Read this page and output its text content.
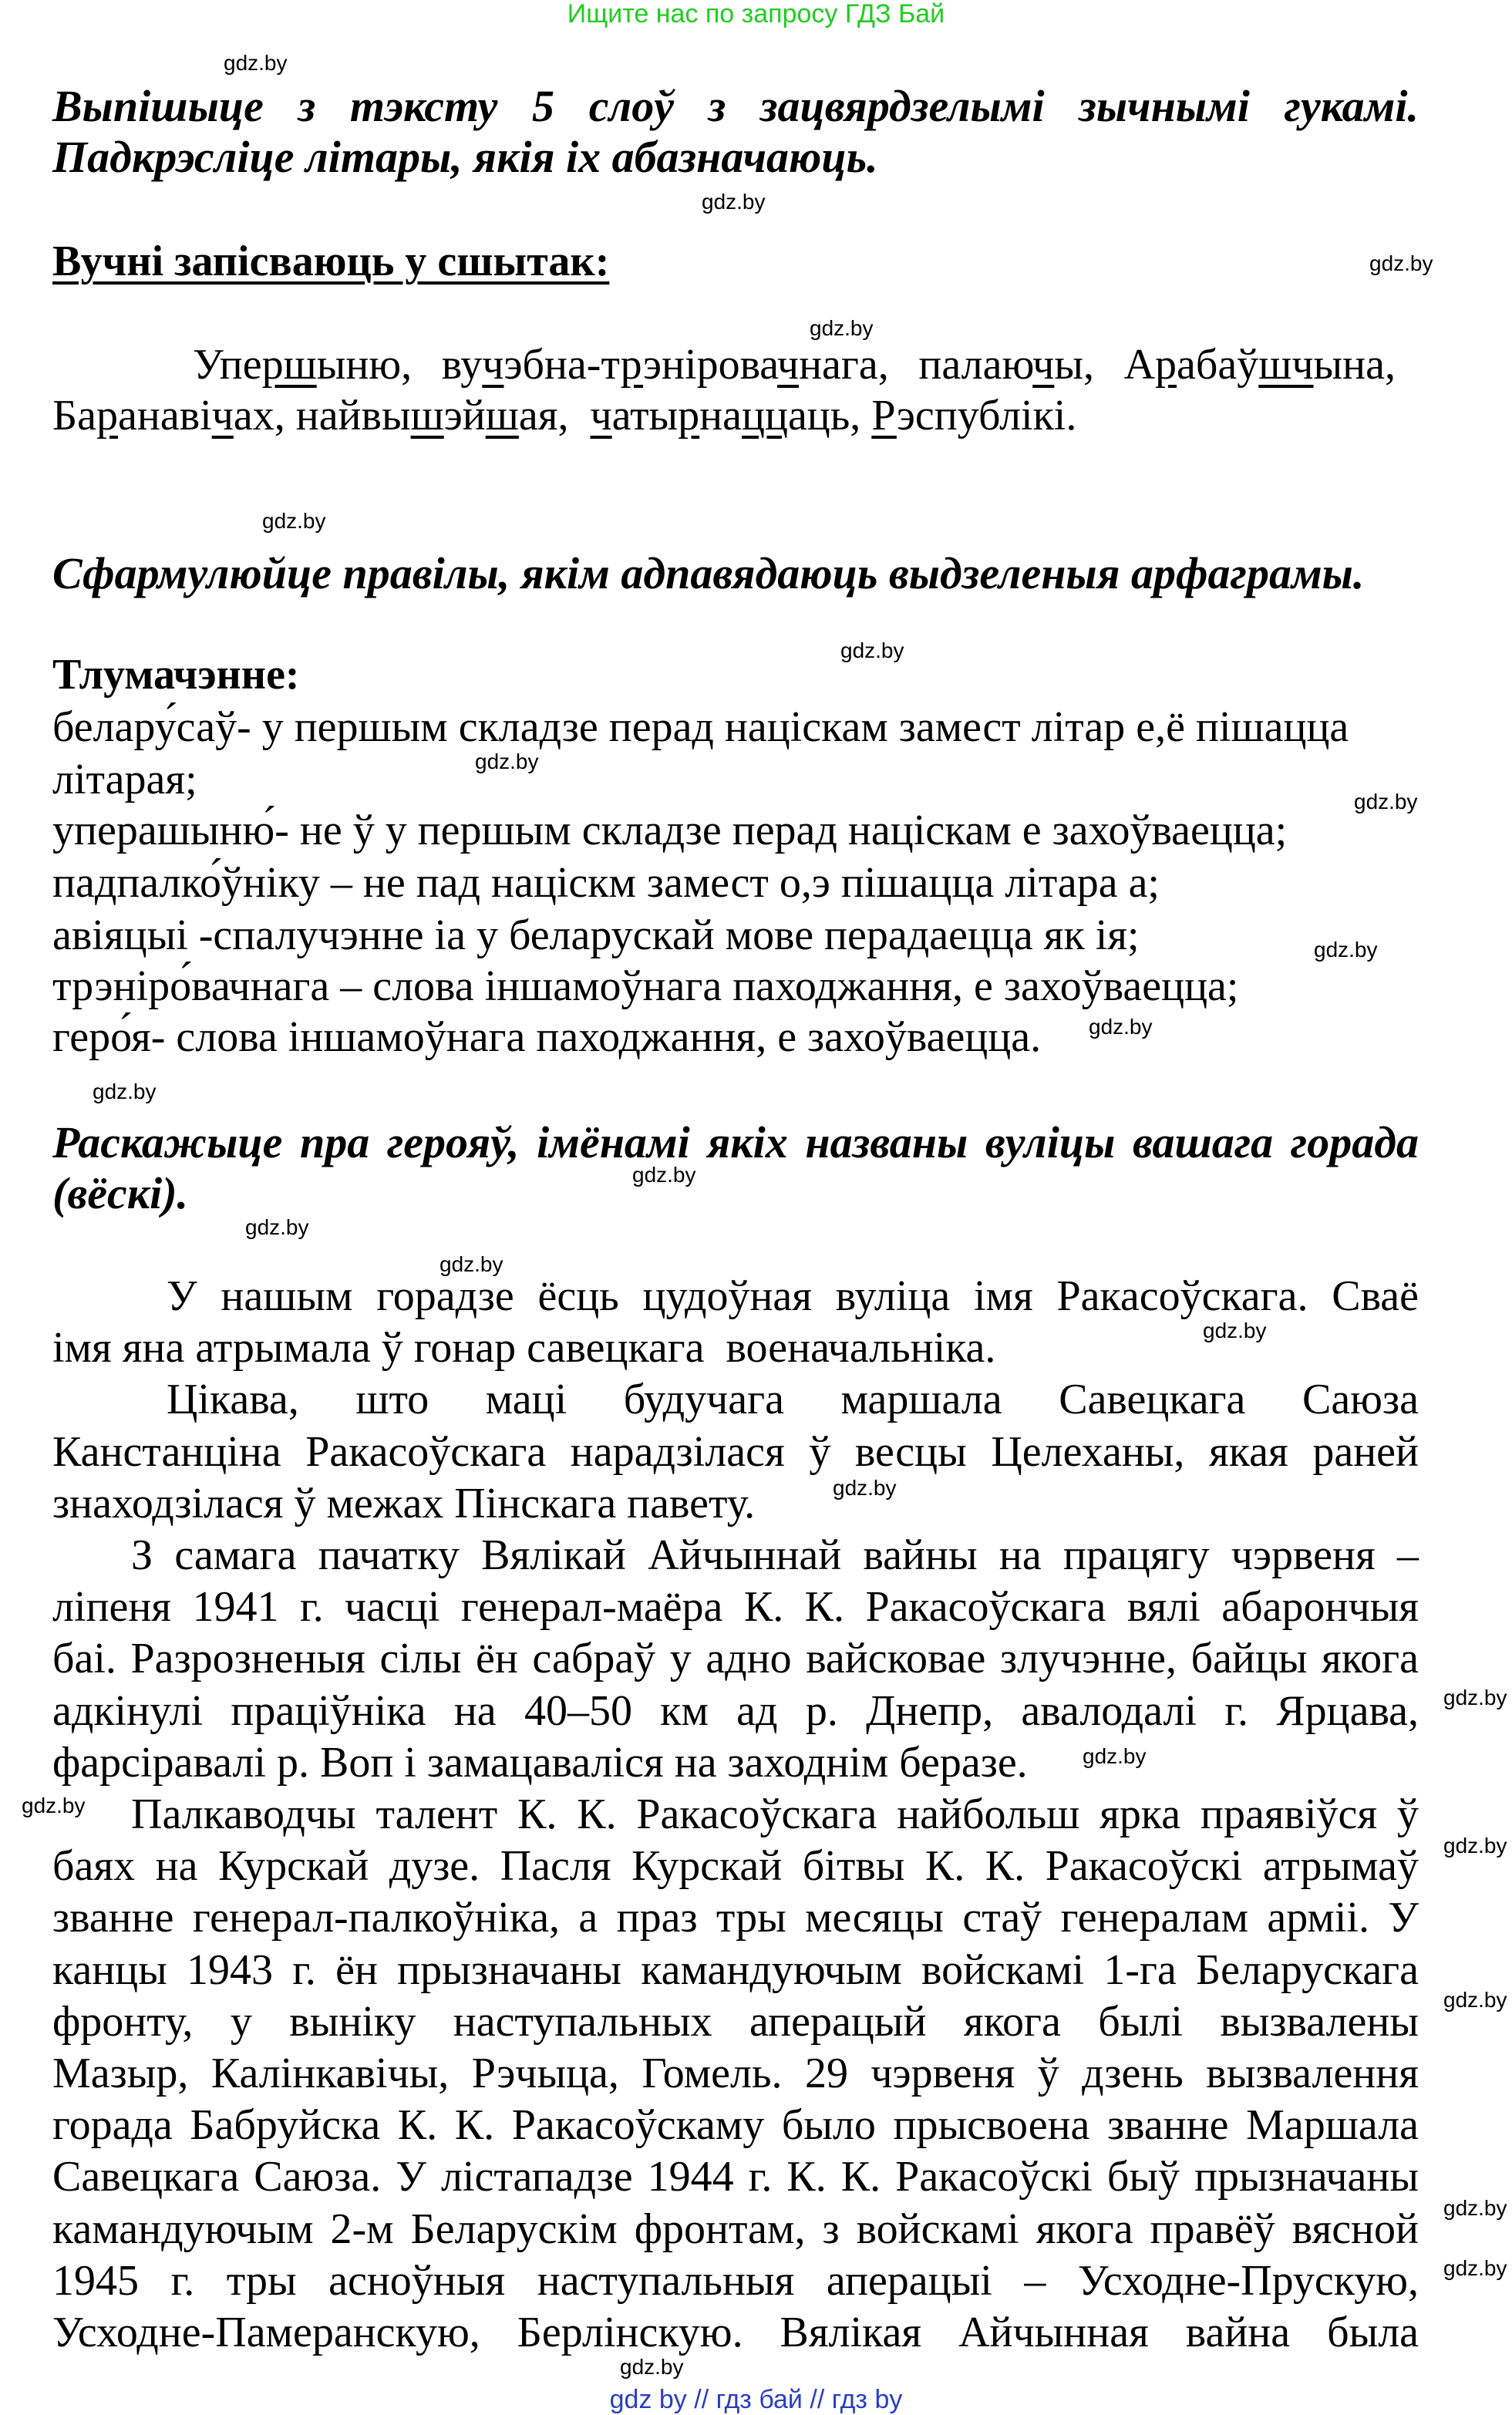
Ищите нас по запросу ГДЗ Бай
Выпішыце з тэксту 5 слоў з зацвярдзелымі зычнымі гукамі.
Падкрэсліце літары, якія іх абазначаюць.
Вучні запісваюць у сшытак:
Упершыню, вучэбна-трэніровачнага, палаючы, Арабаўшчына,
Баранавічах, найвышэйшая,  чатырнаццаць, Рэспублікі.
Сфармулюйце правілы, якім адпавядаюць выдзеленыя арфаграмы.
Тлумачэнне:
белару́саў- у першым складзе перад націскам замест літар е,ё пішацца
літарая;
уперашыню́- не ў у першым складзе перад націскам е захоўваецца;
падпалко́ўніку – не пад націскм замест о,э пішацца літара а;
авіяцыі -спалучэнне іа у беларускай мове перадаецца як ія;
трэніро́вачнага – слова іншамоўнага паходжання, е захоўваецца;
геро́я- слова іншамоўнага паходжання, е захоўваецца.
Раскажыце пра герояў, імёнамі якіх названы вуліцы вашага горада
(вёскі).
У нашым горадзе ёсць цудоўная вуліца імя Ракасоўскага. Сваё
імя яна атрымала ў гонар савецкага  военачальніка.
Цікава, што маці будучага маршала Савецкага Саюза
Канстанціна Ракасоўскага нарадзілася ў весцы Целеханы, якая раней
знаходзілася ў межах Пінскага павету.
З самага пачатку Вялікай Айчыннай вайны на працягу чэрвеня –
ліпеня 1941 г. часці генерал-маёра К. К. Ракасоўскага вялі абарончыя
баі. Разрозненыя сілы ён сабраў у адно вайсковае злучэнне, байцы якога
адкінулі праціўніка на 40–50 км ад р. Днепр, авалодалі г. Ярцава,
фарсіравалі р. Воп і замацаваліся на заходнім беразе.
Палкаводчы талент К. К. Ракасоўскага найбольш ярка праявіўся ў
баях на Курскай дузе. Пасля Курскай бітвы К. К. Ракасоўскі атрымаў
званне генерал-палкоўніка, а праз тры месяцы стаў генералам арміі. У
канцы 1943 г. ён прызначаны камандуючым войскамі 1-га Беларускага
фронту, у выніку наступальных аперацый якога былі вызвалены
Мазыр, Калінкавічы, Рэчыца, Гомель. 29 чэрвеня ў дзень вызвалення
горада Бабруйска К. К. Ракасоўскаму было прысвоена званне Маршала
Савецкага Саюза. У лістападзе 1944 г. К. К. Ракасоўскі быў прызначаны
камандуючым 2-м Беларускім фронтам, з войскамі якога правёў вясной
1945 г. тры асноўныя наступальныя аперацыі – Усходне-Прускую,
Усходне-Памеранскую, Берлінскую. Вялікая Айчынная вайна была
gdz by // гдз бай // гдз by
gdz.by
gdz.by
gdz.by
gdz.by
gdz.by
gdz.by
gdz.by
gdz.by
gdz.by
gdz.by
gdz.by
gdz.by
gdz.by
gdz.by
gdz.by
gdz.by
gdz.by
gdz.by
gdz.by
gdz.by
gdz.by
gdz.by
gdz.by
gdz.by
